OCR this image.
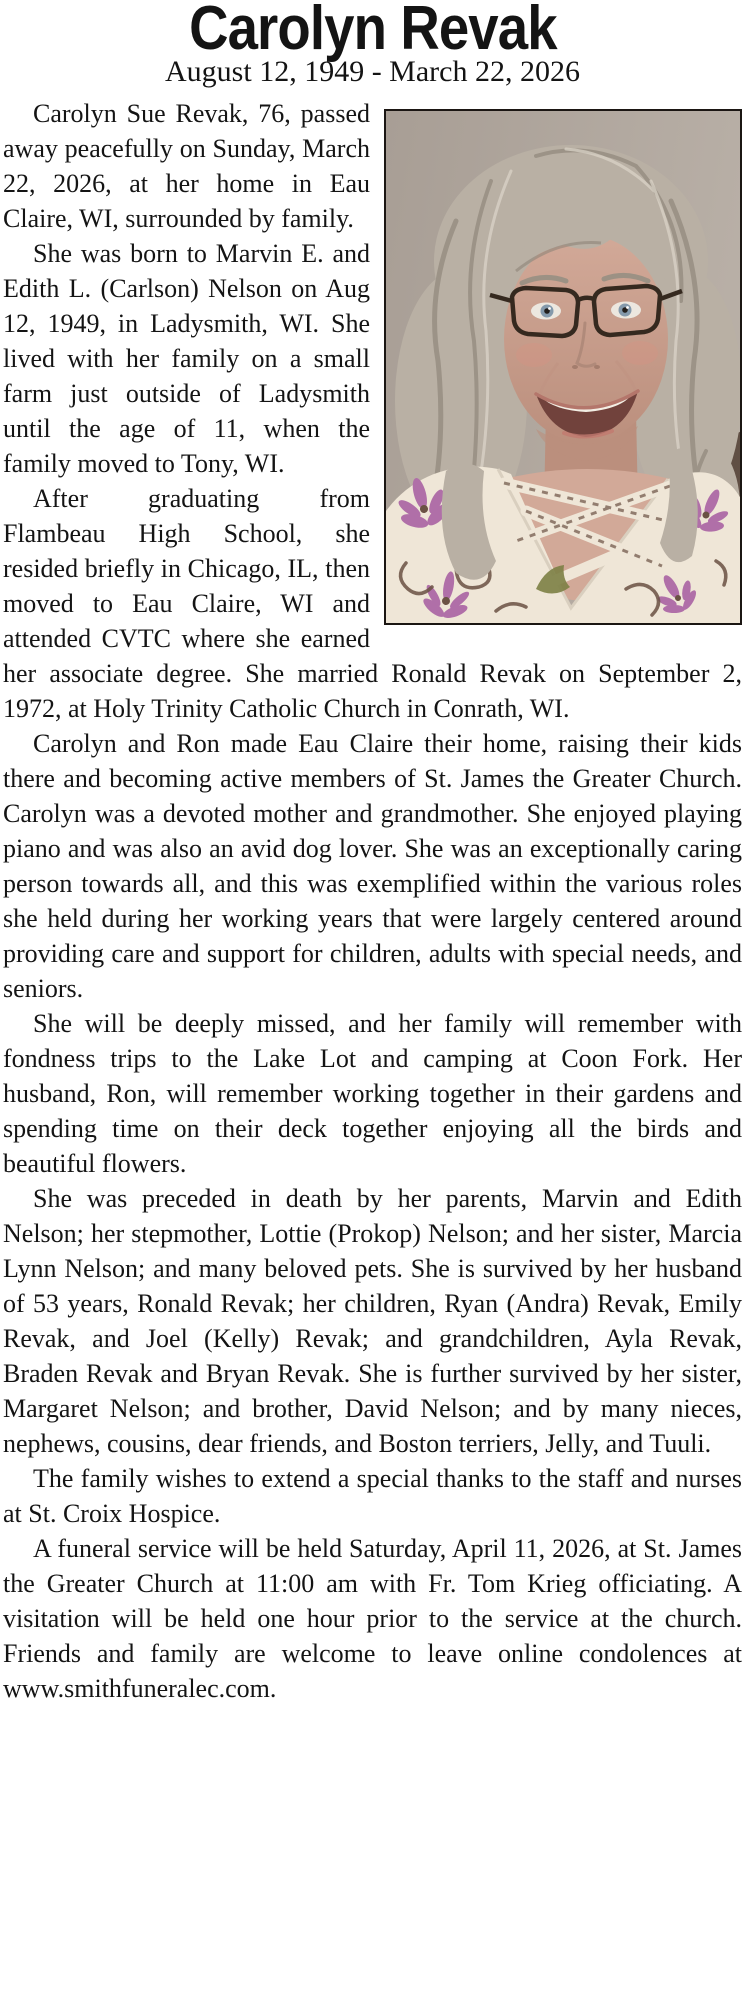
Carolyn Revak
August 12, 1949 - March 22, 2026

Carolyn Sue Revak, 76, passed away peacefully on Sunday, March 22, 2026, at her home in Eau Claire, WI, surrounded by family.

She was born to Marvin E. and Edith L. (Carlson) Nelson on Aug 12, 1949, in Ladysmith, WI. She lived with her family on a small farm just outside of Ladysmith until the age of 11, when the family moved to Tony, WI.

After graduating from Flambeau High School, she resided briefly in Chicago, IL, then moved to Eau Claire, WI and attended CVTC where she earned her associate degree. She married Ronald Revak on September 2, 1972, at Holy Trinity Catholic Church in Conrath, WI.

Carolyn and Ron made Eau Claire their home, raising their kids there and becoming active members of St. James the Greater Church. Carolyn was a devoted mother and grandmother. She enjoyed playing piano and was also an avid dog lover. She was an exceptionally caring person towards all, and this was exemplified within the various roles she held during her working years that were largely centered around providing care and support for children, adults with special needs, and seniors.

She will be deeply missed, and her family will remember with fondness trips to the Lake Lot and camping at Coon Fork. Her husband, Ron, will remember working together in their gardens and spending time on their deck together enjoying all the birds and beautiful flowers.

She was preceded in death by her parents, Marvin and Edith Nelson; her stepmother, Lottie (Prokop) Nelson; and her sister, Marcia Lynn Nelson; and many beloved pets. She is survived by her husband of 53 years, Ronald Revak; her children, Ryan (Andra) Revak, Emily Revak, and Joel (Kelly) Revak; and grandchildren, Ayla Revak, Braden Revak and Bryan Revak. She is further survived by her sister, Margaret Nelson; and brother, David Nelson; and by many nieces, nephews, cousins, dear friends, and Boston terriers, Jelly, and Tuuli.

The family wishes to extend a special thanks to the staff and nurses at St. Croix Hospice.

A funeral service will be held Saturday, April 11, 2026, at St. James the Greater Church at 11:00 am with Fr. Tom Krieg officiating. A visitation will be held one hour prior to the service at the church. Friends and family are welcome to leave online condolences at www.smithfuneralec.com.
